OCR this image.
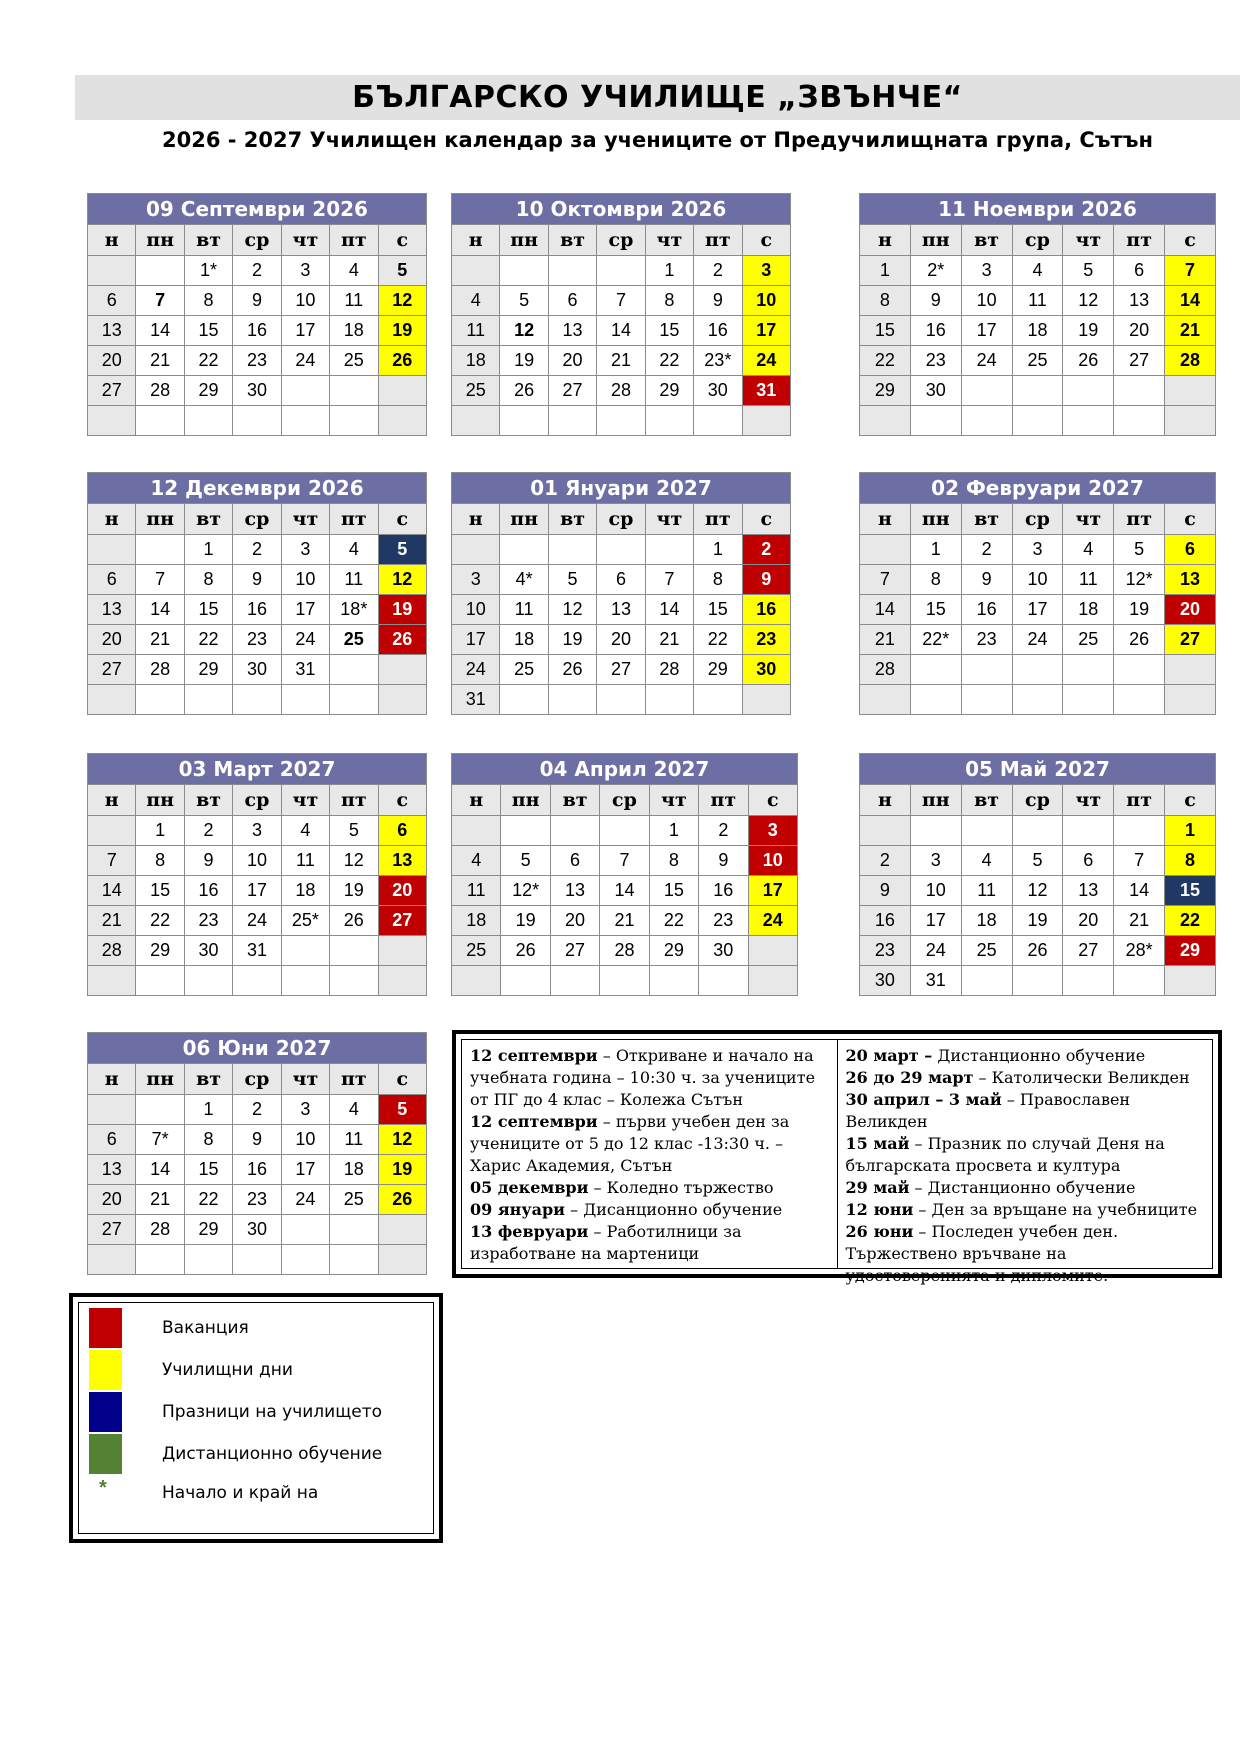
БЪЛГАРСКО УЧИЛИЩЕ „ЗВЪНЧЕ“
2026 - 2027 Училищен календар за учениците от Предучилищната група, Сътън
09 Септември 2026						
н	пн	вт	ср	чт	пт	с
		1*	2	3	4	5
6	7	8	9	10	11	12
13	14	15	16	17	18	19
20	21	22	23	24	25	26
27	28	29	30			

10 Октомври 2026						
н	пн	вт	ср	чт	пт	с
				1	2	3
4	5	6	7	8	9	10
11	12	13	14	15	16	17
18	19	20	21	22	23*	24
25	26	27	28	29	30	31

11 Ноември 2026						
н	пн	вт	ср	чт	пт	с
1	2*	3	4	5	6	7
8	9	10	11	12	13	14
15	16	17	18	19	20	21
22	23	24	25	26	27	28
29	30					

12 Декември 2026						
н	пн	вт	ср	чт	пт	с
		1	2	3	4	5
6	7	8	9	10	11	12
13	14	15	16	17	18*	19
20	21	22	23	24	25	26
27	28	29	30	31		

01 Януари 2027						
н	пн	вт	ср	чт	пт	с
					1	2
3	4*	5	6	7	8	9
10	11	12	13	14	15	16
17	18	19	20	21	22	23
24	25	26	27	28	29	30
31						
02 Февруари 2027						
н	пн	вт	ср	чт	пт	с
	1	2	3	4	5	6
7	8	9	10	11	12*	13
14	15	16	17	18	19	20
21	22*	23	24	25	26	27
28						

03 Март 2027						
н	пн	вт	ср	чт	пт	с
	1	2	3	4	5	6
7	8	9	10	11	12	13
14	15	16	17	18	19	20
21	22	23	24	25*	26	27
28	29	30	31			

04 Април 2027						
н	пн	вт	ср	чт	пт	с
				1	2	3
4	5	6	7	8	9	10
11	12*	13	14	15	16	17
18	19	20	21	22	23	24
25	26	27	28	29	30	

05 Май 2027						
н	пн	вт	ср	чт	пт	с
						1
2	3	4	5	6	7	8
9	10	11	12	13	14	15
16	17	18	19	20	21	22
23	24	25	26	27	28*	29
30	31					
06 Юни 2027						
н	пн	вт	ср	чт	пт	с
		1	2	3	4	5
6	7*	8	9	10	11	12
13	14	15	16	17	18	19
20	21	22	23	24	25	26
27	28	29	30			

12 септември – Откриване и начало на учебната година – 10:30 ч. за учениците от ПГ до 4 клас – Колежа Сътън

12 септември – първи учебен ден за учениците от 5 до 12 клас -13:30 ч. – Харис Академия, Сътън

05 декември – Коледно тържество

09 януари – Дисанционно обучение

13 февруари – Работилници за изработване на мартеници

20 март – Дистанционно обучение

26 до 29 март – Католически Великден

30 април – 3 май – Православен Великден

15 май – Празник по случай Деня на българската просвета и култура

29 май – Дистанционно обучение

12 юни – Ден за връщане на учебниците

26 юни – Последен учебен ден. Тържествено връчване на удостоверенията и дипломите.

Ваканция
Училищни дни
Празници на училището
Дистанционно обучение
*	Начало и край на
